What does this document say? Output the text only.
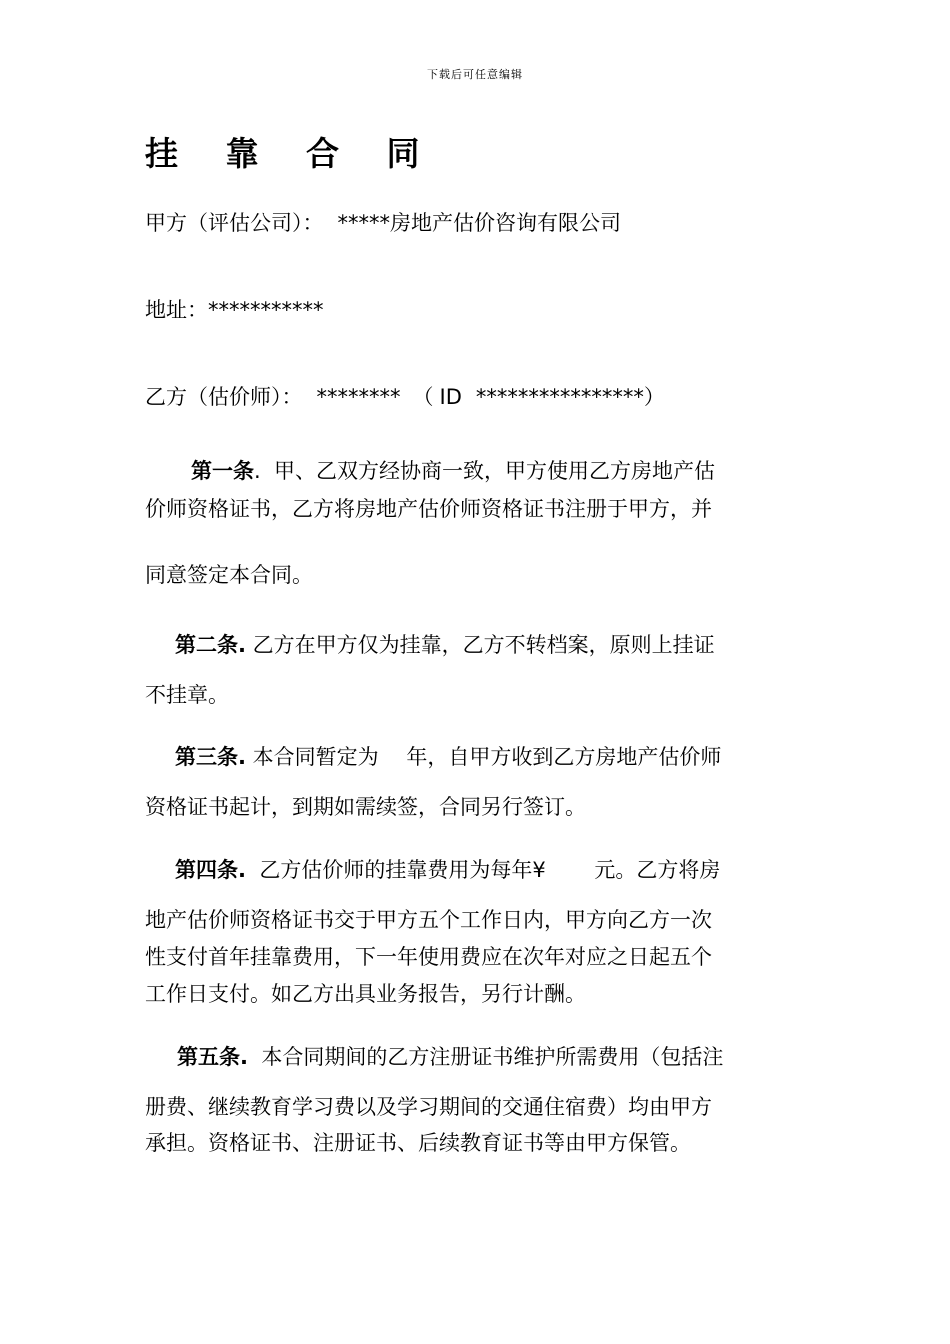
下载后可任意编辑
挂 靠 合 同
甲方（评估公司）： *****房地产估价咨询有限公司
地址：***********
乙方（估价师）： ******** （ ID ****************）
第一条. 甲、乙双方经协商一致，甲方使用乙方房地产估
价师资格证书，乙方将房地产估价师资格证书注册于甲方，并
同意签定本合同。
第二条. 乙方在甲方仅为挂靠，乙方不转档案，原则上挂证
不挂章。
第三条. 本合同暂定为　 年，自甲方收到乙方房地产估价师
资格证书起计，到期如需续签，合同另行签订。
第四条. 乙方估价师的挂靠费用为每年¥　　 元。乙方将房
地产估价师资格证书交于甲方五个工作日内，甲方向乙方一次
性支付首年挂靠费用，下一年使用费应在次年对应之日起五个
工作日支付。如乙方出具业务报告，另行计酬。
第五条. 本合同期间的乙方注册证书维护所需费用（包括注
册费、继续教育学习费以及学习期间的交通住宿费）均由甲方
承担。资格证书、注册证书、后续教育证书等由甲方保管。
